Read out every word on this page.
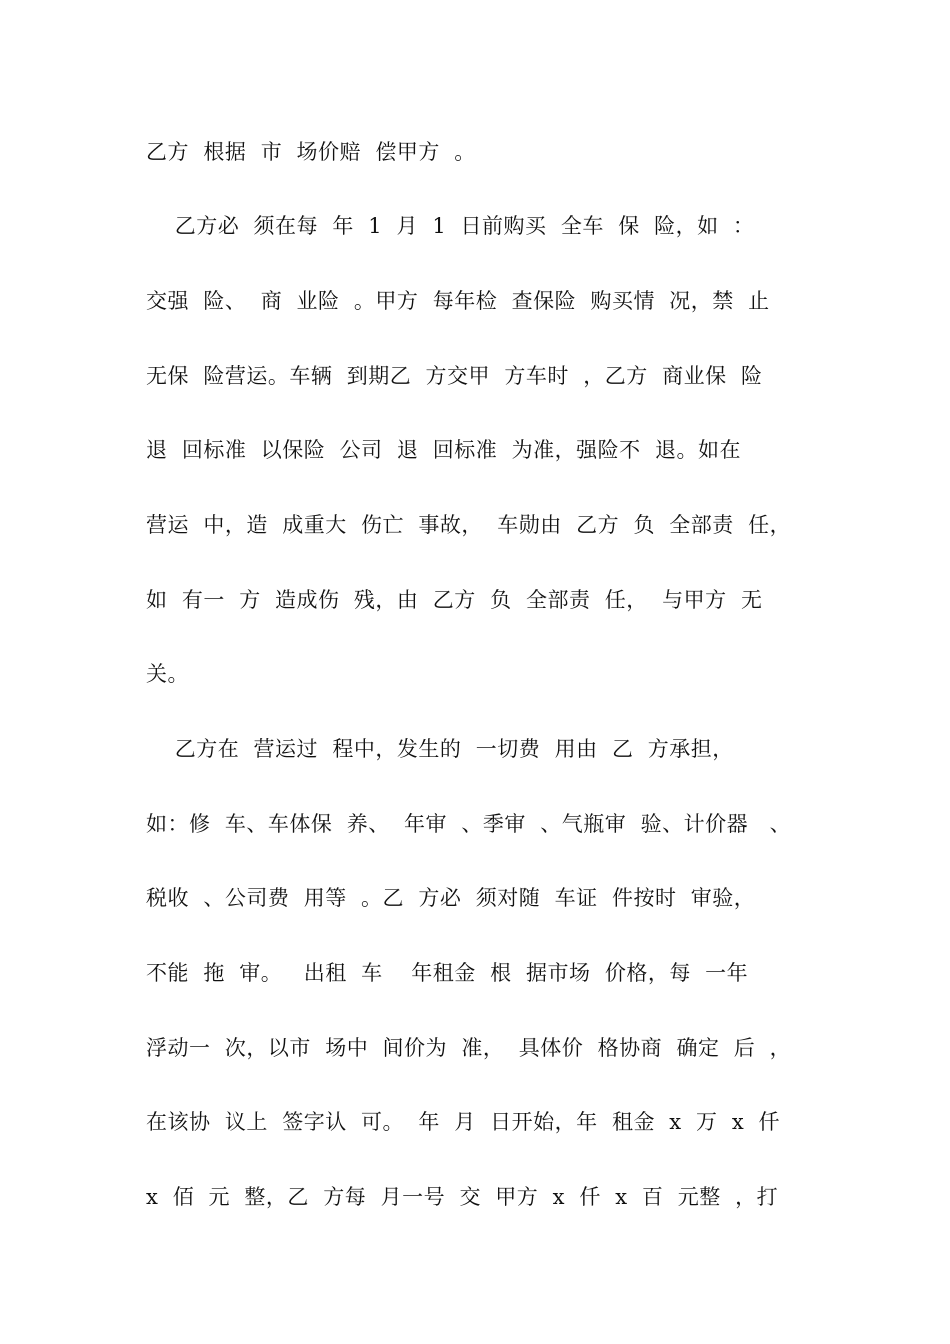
乙方  根据  市  场价赔  偿甲方  。
乙方必  须在每  年  1  月  1  日前购买  全车  保  险，如  ：
交强  险、  商  业险  。甲方  每年检  查保险  购买情  况，禁  止
无保  险营运。车辆  到期乙  方交甲  方车时  ，乙方  商业保  险
退  回标准  以保险  公司  退  回标准  为准，强险不  退。如在
营运  中，造  成重大  伤亡  事故，  车勋由  乙方  负  全部责  任，
如  有一  方  造成伤  残，由  乙方  负  全部责  任，  与甲方  无
关。
乙方在  营运过  程中，发生的  一切费  用由  乙  方承担，
如：修  车、车体保  养、  年审  、季审  、气瓶审  验、计价器   、
税收  、公司费  用等  。乙  方必  须对随  车证  件按时  审验，
不能  拖  审。   出租  车    年租金  根  据市场  价格，每  一年
浮动一  次，以市  场中  间价为  准，  具体价  格协商  确定  后  ，
在该协  议上  签字认  可。  年  月  日开始，年  租金  x  万  x  仟
x  佰  元  整，乙  方每  月一号  交  甲方  x  仟  x  百  元整  ，打
